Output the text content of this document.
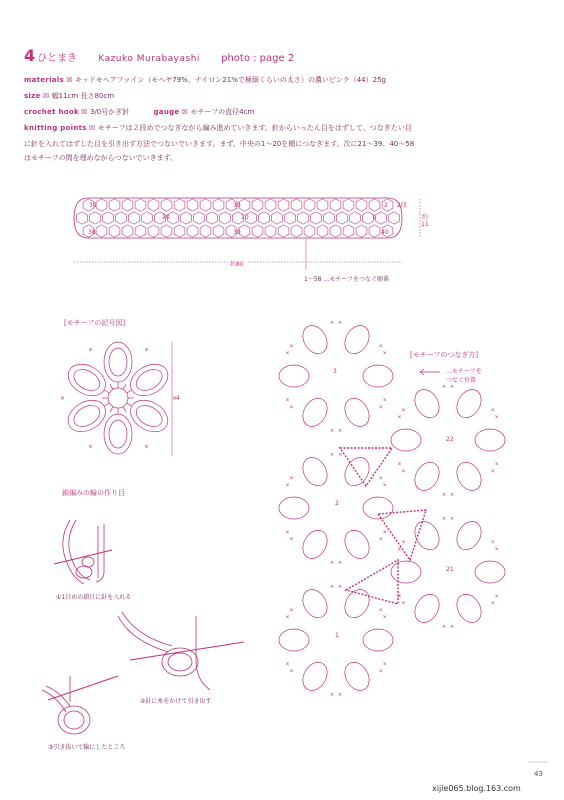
4 ひとまき Kazuko Murabayashi photo : page 2
materials ☒ キッドモヘアファイン（モヘヤ79%、ナイロン21%で極細くらいの太さ）の濃いピンク（44）25g
size ☒ 幅11cm 長さ80cm
crochet hook ☒ 3/0号かぎ針	gauge ☒ モチーフの直径4cm
knitting points ☒ モチーフは２段めでつなぎながら編み進めていきます。針からいったん目をはずして、つなぎたい目
に針を入れてはずした目を引き出す方法でつないでいきます。まず、中央の1〜20を順につなぎます。次に21〜39、40〜58
はモチーフの間を埋めながらつないでいきます。
×
×
×
×
×
×
×
×
×
×
×
×
×
×
×
× ×
×
×
×
×
×
×
×
×
×
×
× ×
×
×
×
×
×
×
×
×
×
×
× ×
×
×
×
×
×
×
×
×
×
×
× ×
×
×
×
×
×
×
×
×
×
×
× ×
×
39	30
20	10	1
2
38	30	40
2段
約
11
約80
1〜58 …モチーフをつなぐ順番
[モチーフの記号図]
4
[モチーフのつなぎ方]
…モチーフを
つなぐ位置
3
22
2
21
1
鎖編みの輪の作り目
①1目めの鎖目に針を入れる
②針に糸をかけて引き出す
③引き抜いて輪にしたところ
43
xijie065.blog.163.com
